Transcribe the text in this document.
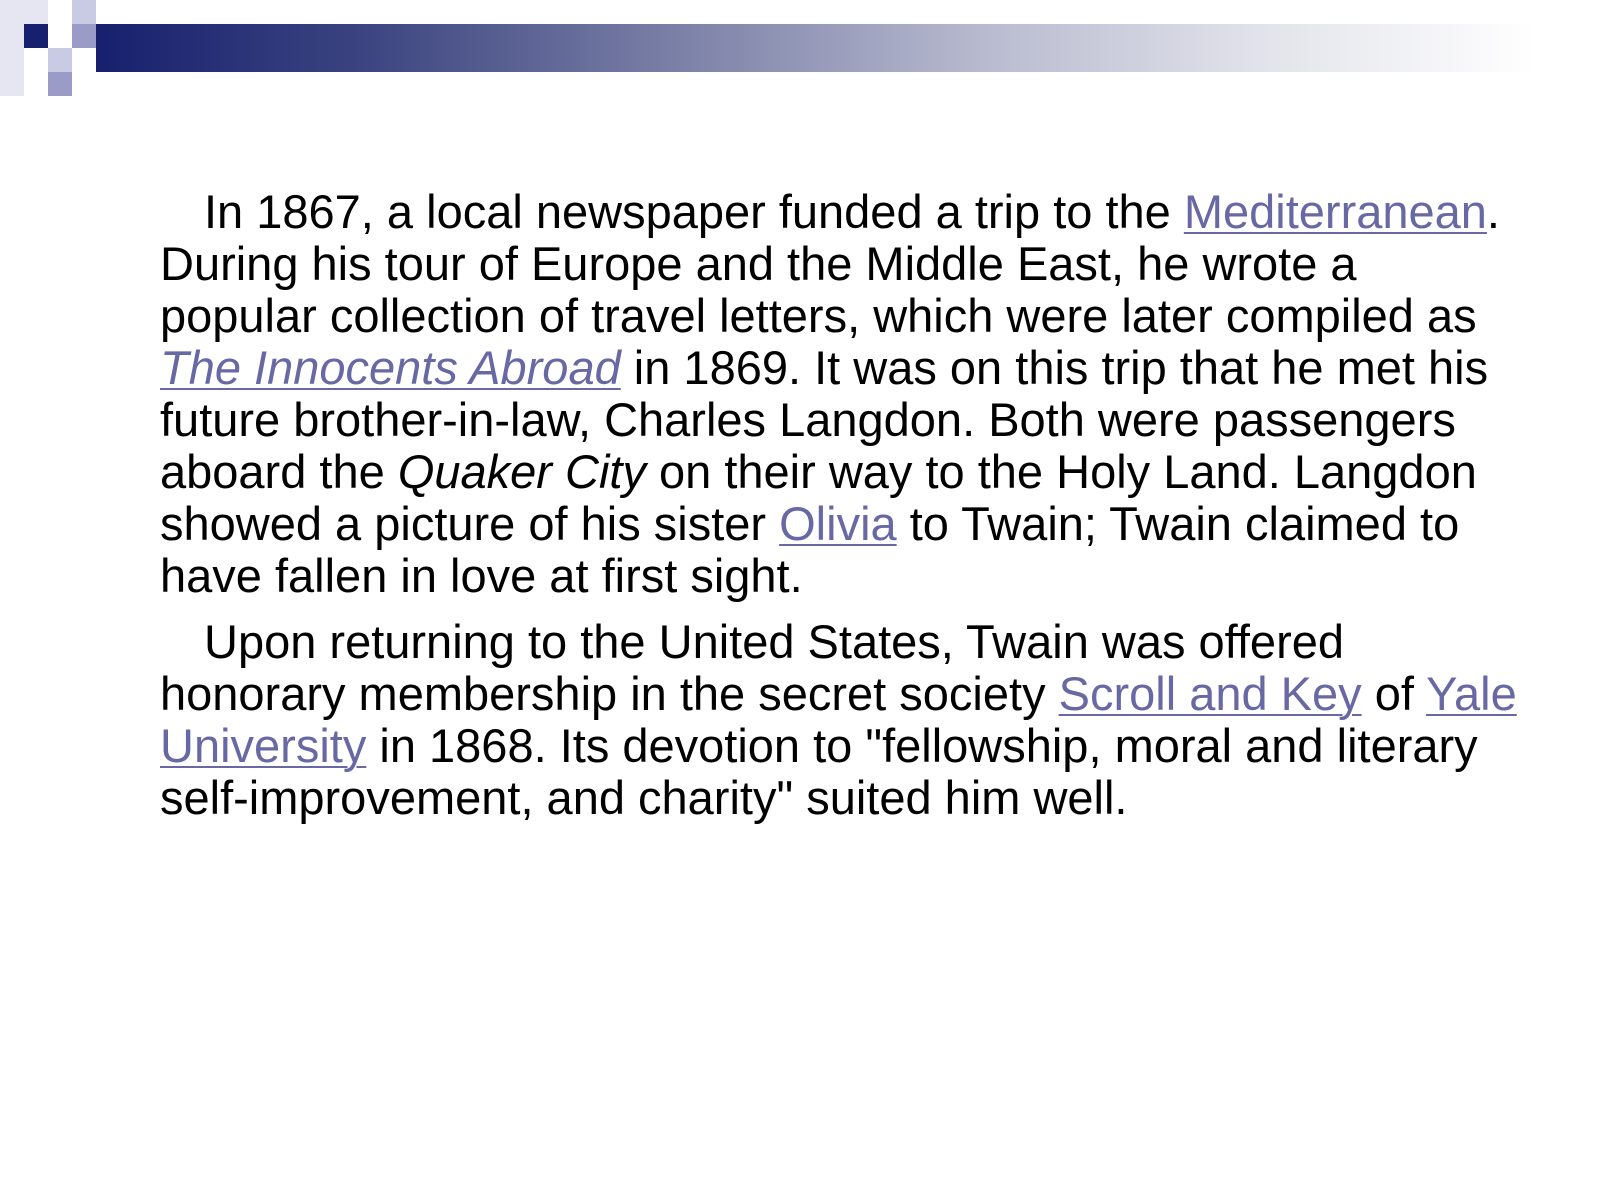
In 1867, a local newspaper funded a trip to the Mediterranean. During his tour of Europe and the Middle East, he wrote a popular collection of travel letters, which were later compiled as The Innocents Abroad in 1869. It was on this trip that he met his future brother-in-law, Charles Langdon. Both were passengers aboard the Quaker City on their way to the Holy Land. Langdon showed a picture of his sister Olivia to Twain; Twain claimed to have fallen in love at first sight.

Upon returning to the United States, Twain was offered honorary membership in the secret society Scroll and Key of Yale University in 1868. Its devotion to "fellowship, moral and literary self-improvement, and charity" suited him well.
